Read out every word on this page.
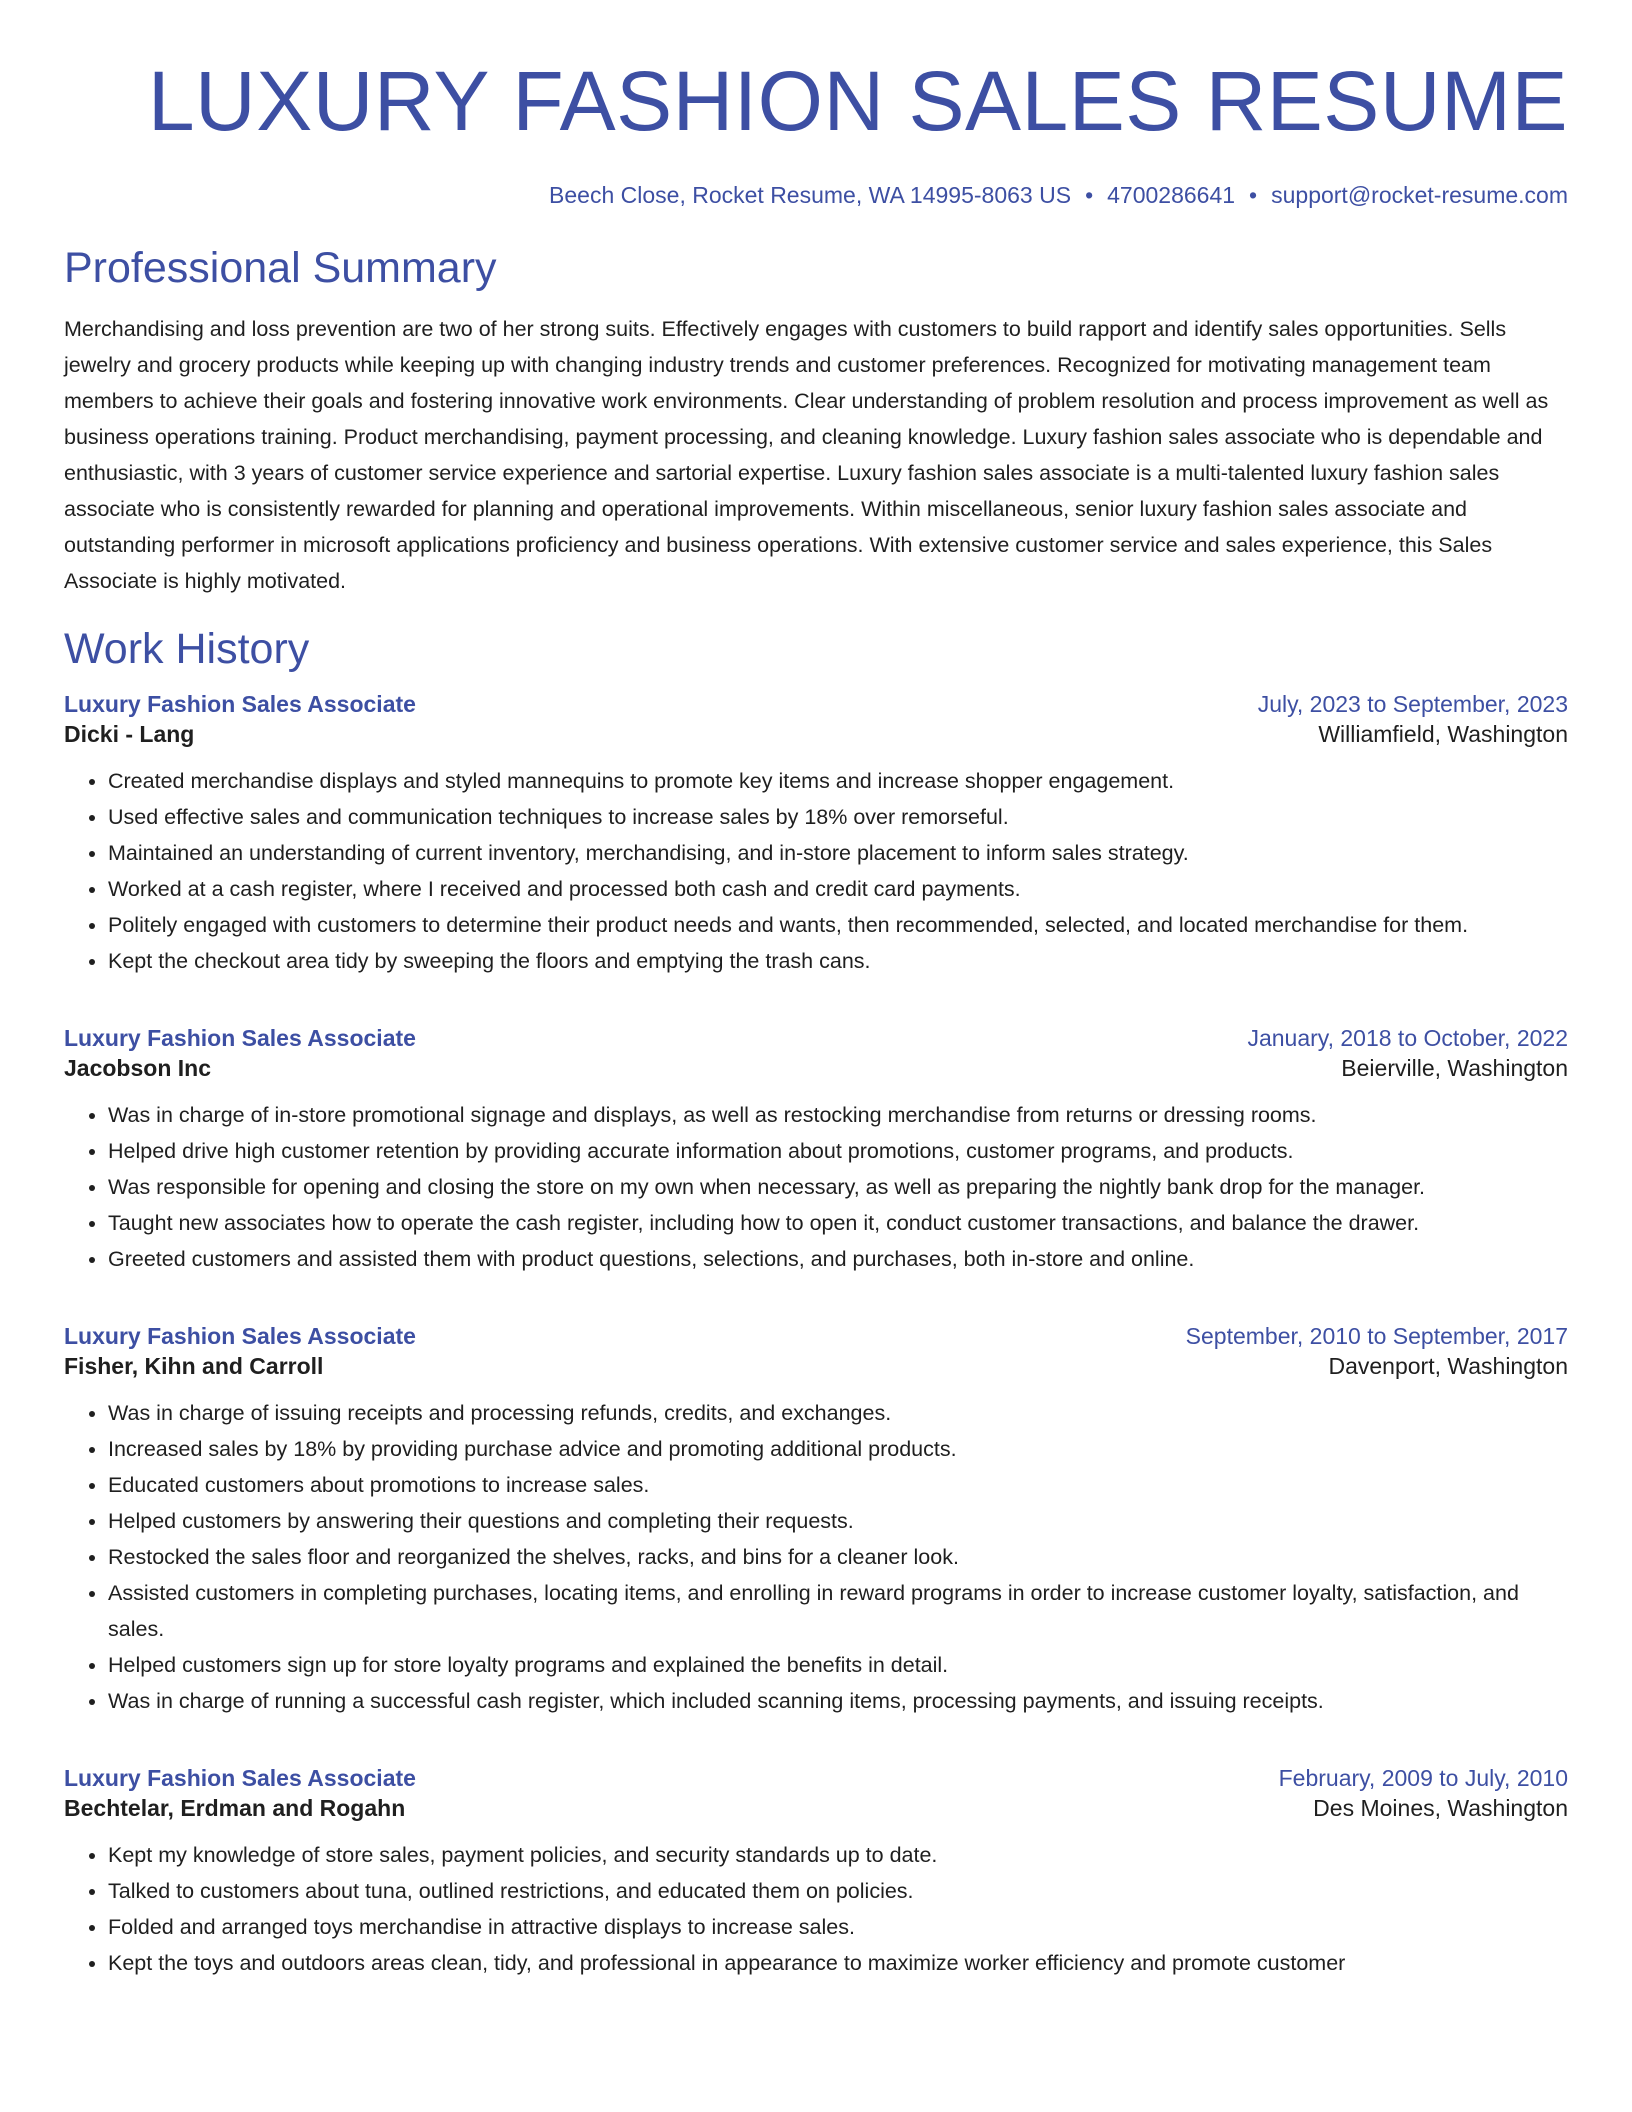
LUXURY FASHION SALES RESUME
Beech Close, Rocket Resume, WA 14995-8063 US • 4700286641 • support@rocket-resume.com
Professional Summary

Merchandising and loss prevention are two of her strong suits. Effectively engages with customers to build rapport and identify sales opportunities. Sells jewelry and grocery products while keeping up with changing industry trends and customer preferences. Recognized for motivating management team members to achieve their goals and fostering innovative work environments. Clear understanding of problem resolution and process improvement as well as business operations training. Product merchandising, payment processing, and cleaning knowledge. Luxury fashion sales associate who is dependable and enthusiastic, with 3 years of customer service experience and sartorial expertise. Luxury fashion sales associate is a multi-talented luxury fashion sales associate who is consistently rewarded for planning and operational improvements. Within miscellaneous, senior luxury fashion sales associate and outstanding performer in microsoft applications proficiency and business operations. With extensive customer service and sales experience, this Sales Associate is highly motivated.

Work History
Luxury Fashion Sales Associate	July, 2023 to September, 2023
Dicki - Lang	Williamfield, Washington
• Created merchandise displays and styled mannequins to promote key items and increase shopper engagement.
• Used effective sales and communication techniques to increase sales by 18% over remorseful.
• Maintained an understanding of current inventory, merchandising, and in-store placement to inform sales strategy.
• Worked at a cash register, where I received and processed both cash and credit card payments.
• Politely engaged with customers to determine their product needs and wants, then recommended, selected, and located merchandise for them.
• Kept the checkout area tidy by sweeping the floors and emptying the trash cans.
Luxury Fashion Sales Associate	January, 2018 to October, 2022
Jacobson Inc	Beierville, Washington
• Was in charge of in-store promotional signage and displays, as well as restocking merchandise from returns or dressing rooms.
• Helped drive high customer retention by providing accurate information about promotions, customer programs, and products.
• Was responsible for opening and closing the store on my own when necessary, as well as preparing the nightly bank drop for the manager.
• Taught new associates how to operate the cash register, including how to open it, conduct customer transactions, and balance the drawer.
• Greeted customers and assisted them with product questions, selections, and purchases, both in-store and online.
Luxury Fashion Sales Associate	September, 2010 to September, 2017
Fisher, Kihn and Carroll	Davenport, Washington
• Was in charge of issuing receipts and processing refunds, credits, and exchanges.
• Increased sales by 18% by providing purchase advice and promoting additional products.
• Educated customers about promotions to increase sales.
• Helped customers by answering their questions and completing their requests.
• Restocked the sales floor and reorganized the shelves, racks, and bins for a cleaner look.
• Assisted customers in completing purchases, locating items, and enrolling in reward programs in order to increase customer loyalty, satisfaction, and sales.
• Helped customers sign up for store loyalty programs and explained the benefits in detail.
• Was in charge of running a successful cash register, which included scanning items, processing payments, and issuing receipts.
Luxury Fashion Sales Associate	February, 2009 to July, 2010
Bechtelar, Erdman and Rogahn	Des Moines, Washington
• Kept my knowledge of store sales, payment policies, and security standards up to date.
• Talked to customers about tuna, outlined restrictions, and educated them on policies.
• Folded and arranged toys merchandise in attractive displays to increase sales.
• Kept the toys and outdoors areas clean, tidy, and professional in appearance to maximize worker efficiency and promote customer
